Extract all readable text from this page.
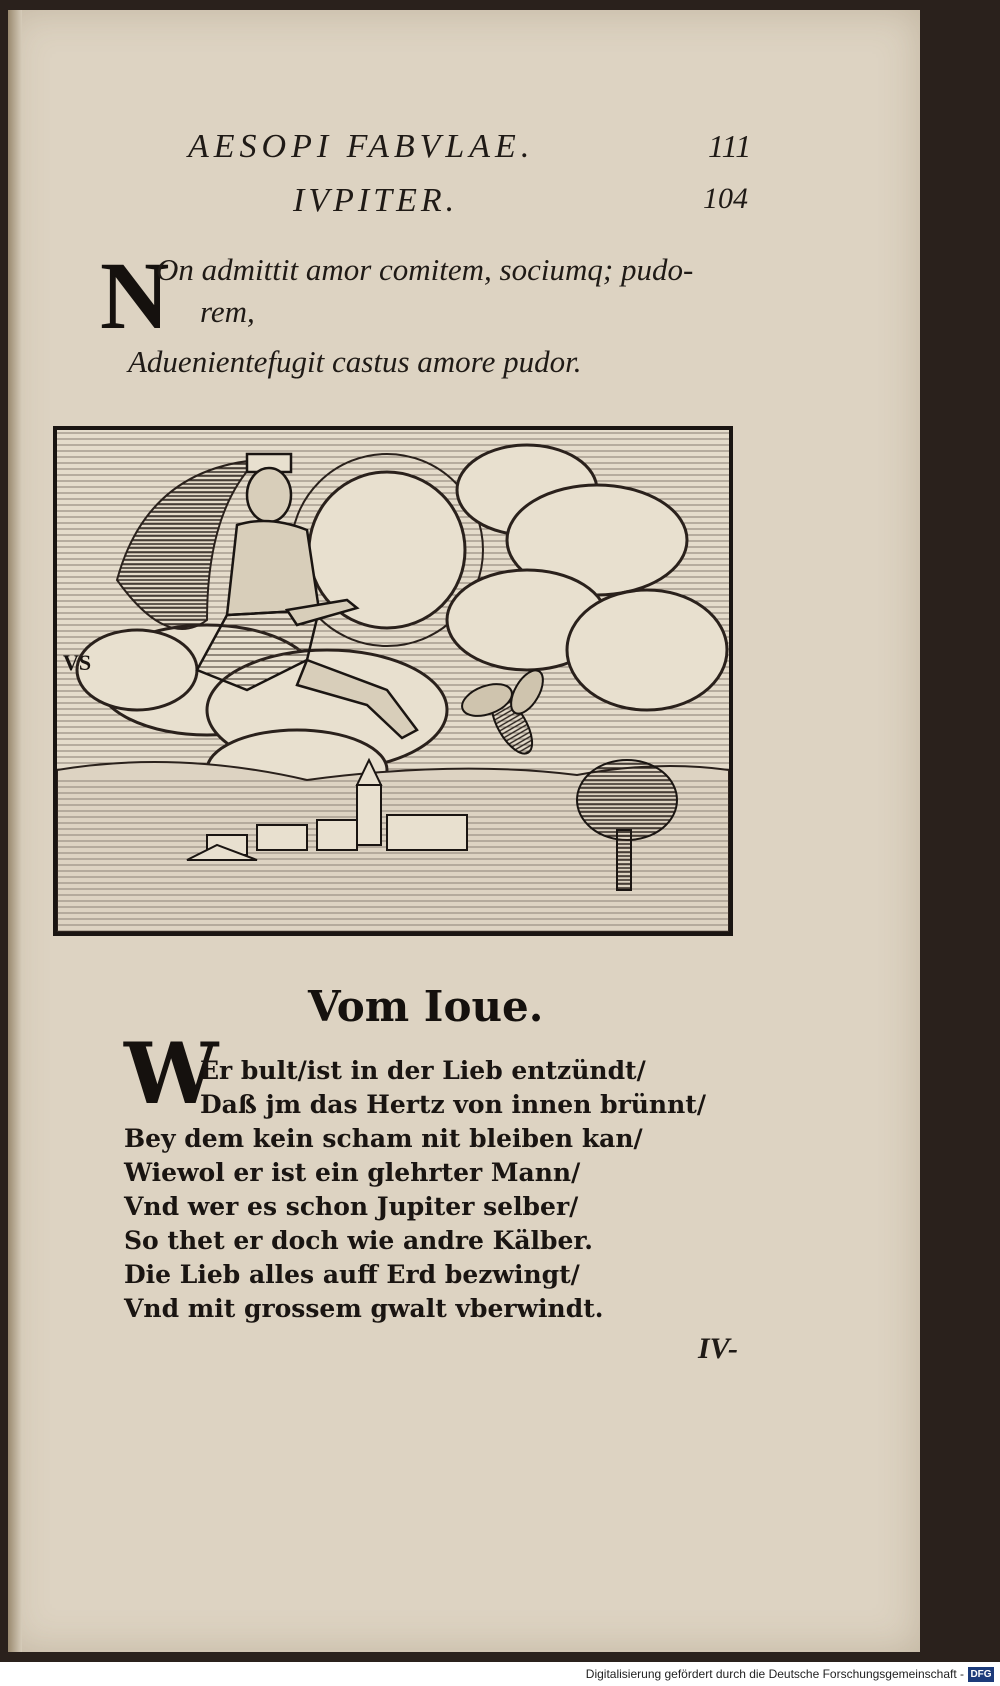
AESOPI FABVLAE.	111
IVPITER.	104
N
On admittit amor comitem, sociumq; pudo-
rem,
Aduenientefugit castus amore pudor.
VS
Vom Ioue.
W
Er bult/ist in der Lieb entzündt/
Daß jm das Hertz von innen brünnt/
Bey dem kein scham nit bleiben kan/
Wiewol er ist ein glehrter Mann/
Vnd wer es schon Jupiter selber/
So thet er doch wie andre Kälber.
Die Lieb alles auff Erd bezwingt/
Vnd mit grossem gwalt vberwindt.
IV-
Digitalisierung gefördert durch die Deutsche Forschungsgemeinschaft - DFG
